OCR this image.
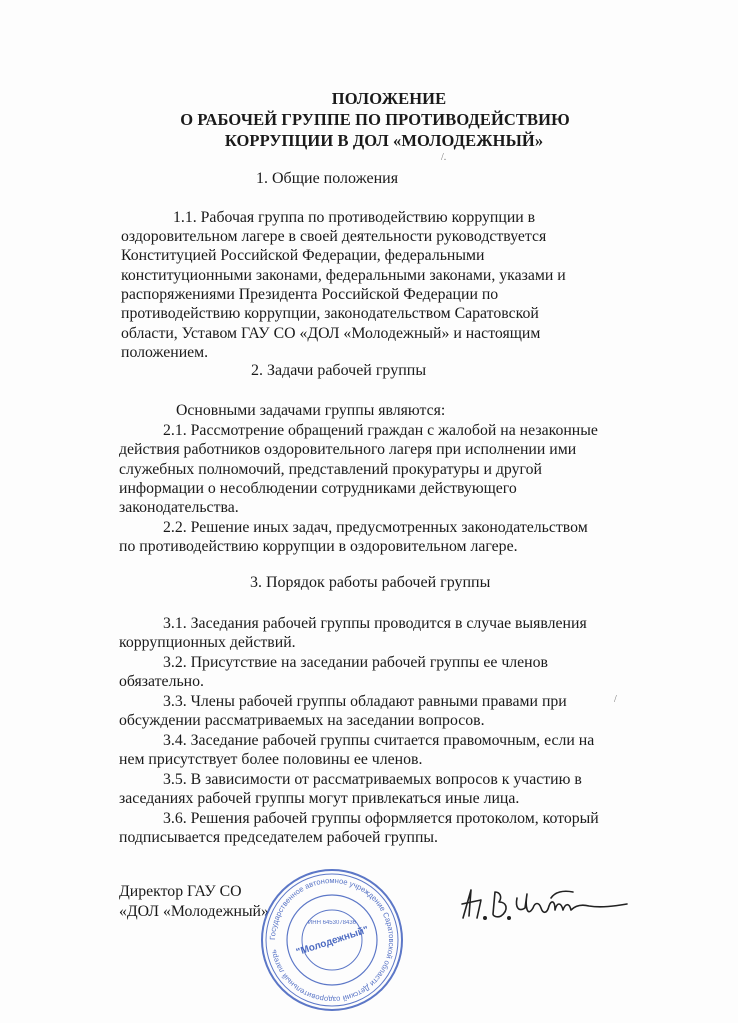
ПОЛОЖЕНИЕ
О РАБОЧЕЙ ГРУППЕ ПО ПРОТИВОДЕЙСТВИЮ
КОРРУПЦИИ В ДОЛ «МОЛОДЕЖНЫЙ»
/.
1. Общие положения
1.1. Рабочая группа по противодействию коррупции в
оздоровительном лагере в своей деятельности руководствуется
Конституцией Российской Федерации, федеральными
конституционными законами, федеральными законами, указами и
распоряжениями Президента Российской Федерации по
противодействию коррупции, законодательством Саратовской
области, Уставом ГАУ СО «ДОЛ «Молодежный» и настоящим
положением.
2. Задачи рабочей группы
Основными задачами группы являются:
2.1. Рассмотрение обращений граждан с жалобой на незаконные
действия работников оздоровительного лагеря при исполнении ими
служебных полномочий, представлений прокуратуры и другой
информации о несоблюдении сотрудниками действующего
законодательства.
2.2. Решение иных задач, предусмотренных законодательством
по противодействию коррупции в оздоровительном лагере.
3. Порядок работы рабочей группы
3.1. Заседания рабочей группы проводится в случае выявления
коррупционных действий.
3.2. Присутствие на заседании рабочей группы ее членов
обязательно.
3.3. Члены рабочей группы обладают равными правами при
обсуждении рассматриваемых на заседании вопросов.
3.4. Заседание рабочей группы считается правомочным, если на
нем присутствует более половины ее членов.
3.5. В зависимости от рассматриваемых вопросов к участию в
заседаниях рабочей группы могут привлекаться иные лица.
3.6. Решения рабочей группы оформляется протоколом, который
подписывается председателем рабочей группы.
/
Директор ГАУ СО
«ДОЛ «Молодежный»
Государственное автономное учреждение Саратовской области Детский оздоровительный лагерь	"Молодежный"
ИНН 6453078436
